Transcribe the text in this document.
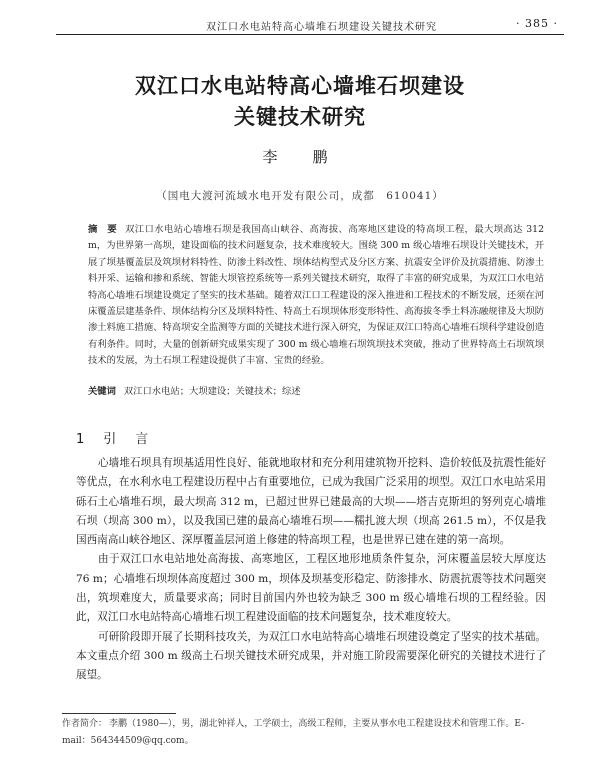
双江口水电站特高心墙堆石坝建设关键技术研究	· 385 ·
双江口水电站特高心墙堆石坝建设
关键技术研究
李　鹏
（国电大渡河流域水电开发有限公司，成都　610041）
摘　要 双江口水电站心墙堆石坝是我国高山峡谷、高海拔、高寒地区建设的特高坝工程，最大坝高达 312 m，为世界第一高坝，建设面临的技术问题复杂，技术难度较大。围绕 300 m 级心墙堆石坝设计关键技术，开展了坝基覆盖层及筑坝材料特性、防渗土料改性、坝体结构型式及分区方案、抗震安全评价及抗震措施、防渗土料开采、运输和掺和系统、智能大坝管控系统等一系列关键技术研究，取得了丰富的研究成果，为双江口水电站特高心墙堆石坝建设奠定了坚实的技术基础。随着双江口工程建设的深入推进和工程技术的不断发展，还须在河床覆盖层建基条件、坝体结构分区及坝料特性、特高土石坝坝体形变形特性、高海拔冬季土料冻融规律及大坝防渗土料施工措施、特高坝安全监测等方面的关键技术进行深入研究，为保证双江口特高心墙堆石坝科学建设创造有利条件。同时，大量的创新研究成果实现了 300 m 级心墙堆石坝筑坝技术突破，推动了世界特高土石坝筑坝技术的发展，为土石坝工程建设提供了丰富、宝贵的经验。
关键词 双江口水电站；大坝建设；关键技术；综述
1 引　言

心墙堆石坝具有坝基适用性良好、能就地取材和充分利用建筑物开挖料、造价较低及抗震性能好等优点，在水利水电工程建设历程中占有重要地位，已成为我国广泛采用的坝型。双江口水电站采用砾石土心墙堆石坝，最大坝高 312 m，已超过世界已建最高的大坝——塔吉克斯坦的努列克心墙堆石坝（坝高 300 m），以及我国已建的最高心墙堆石坝——糯扎渡大坝（坝高 261.5 m），不仅是我国西南高山峡谷地区、深厚覆盖层河道上修建的特高坝工程，也是世界已建在建的第一高坝。

由于双江口水电站地处高海拔、高寒地区，工程区地形地质条件复杂，河床覆盖层较大厚度达 76 m；心墙堆石坝坝体高度超过 300 m，坝体及坝基变形稳定、防渗排水、防震抗震等技术问题突出，筑坝难度大，质量要求高；同时目前国内外也较为缺乏 300 m 级心墙堆石坝的工程经验。因此，双江口水电站特高心墙堆石坝工程建设面临的技术问题复杂，技术难度较大。

可研阶段即开展了长期科技攻关，为双江口水电站特高心墙堆石坝建设奠定了坚实的技术基础。本文重点介绍 300 m 级高土石坝关键技术研究成果，并对施工阶段需要深化研究的关键技术进行了展望。

作者简介： 李鹏（1980—），男，湖北钟祥人，工学硕士，高级工程师，主要从事水电工程建设技术和管理工作。E-mail：564344509@qq.com。
